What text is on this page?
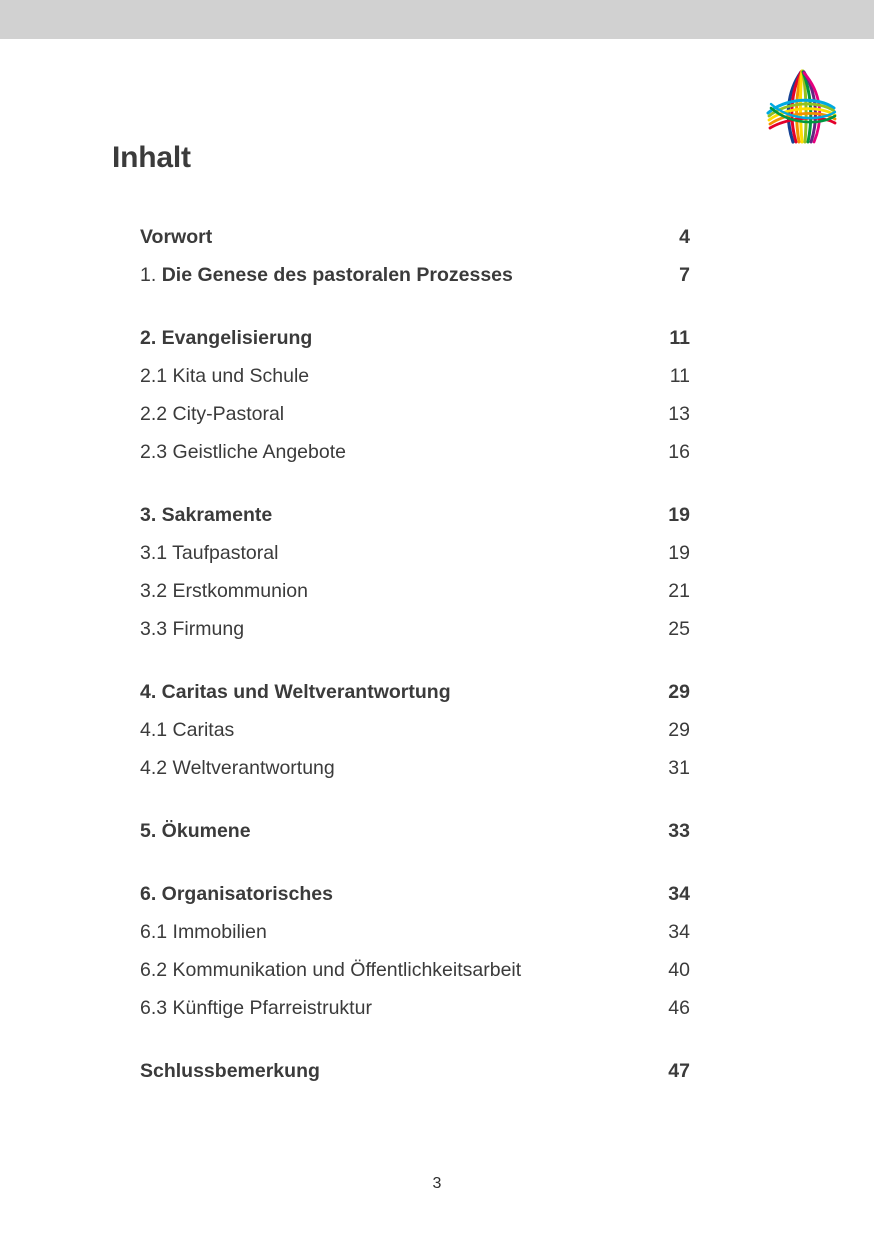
Inhalt
Vorwort	4
1. Die Genese des pastoralen Prozesses	7
2. Evangelisierung	11
2.1 Kita und Schule	11
2.2 City-Pastoral	13
2.3 Geistliche Angebote	16
3. Sakramente	19
3.1 Taufpastoral	19
3.2 Erstkommunion	21
3.3 Firmung	25
4. Caritas und Weltverantwortung	29
4.1 Caritas	29
4.2 Weltverantwortung	31
5. Ökumene	33
6. Organisatorisches	34
6.1 Immobilien	34
6.2 Kommunikation und Öffentlichkeitsarbeit	40
6.3 Künftige Pfarreistruktur	46
Schlussbemerkung	47
3
